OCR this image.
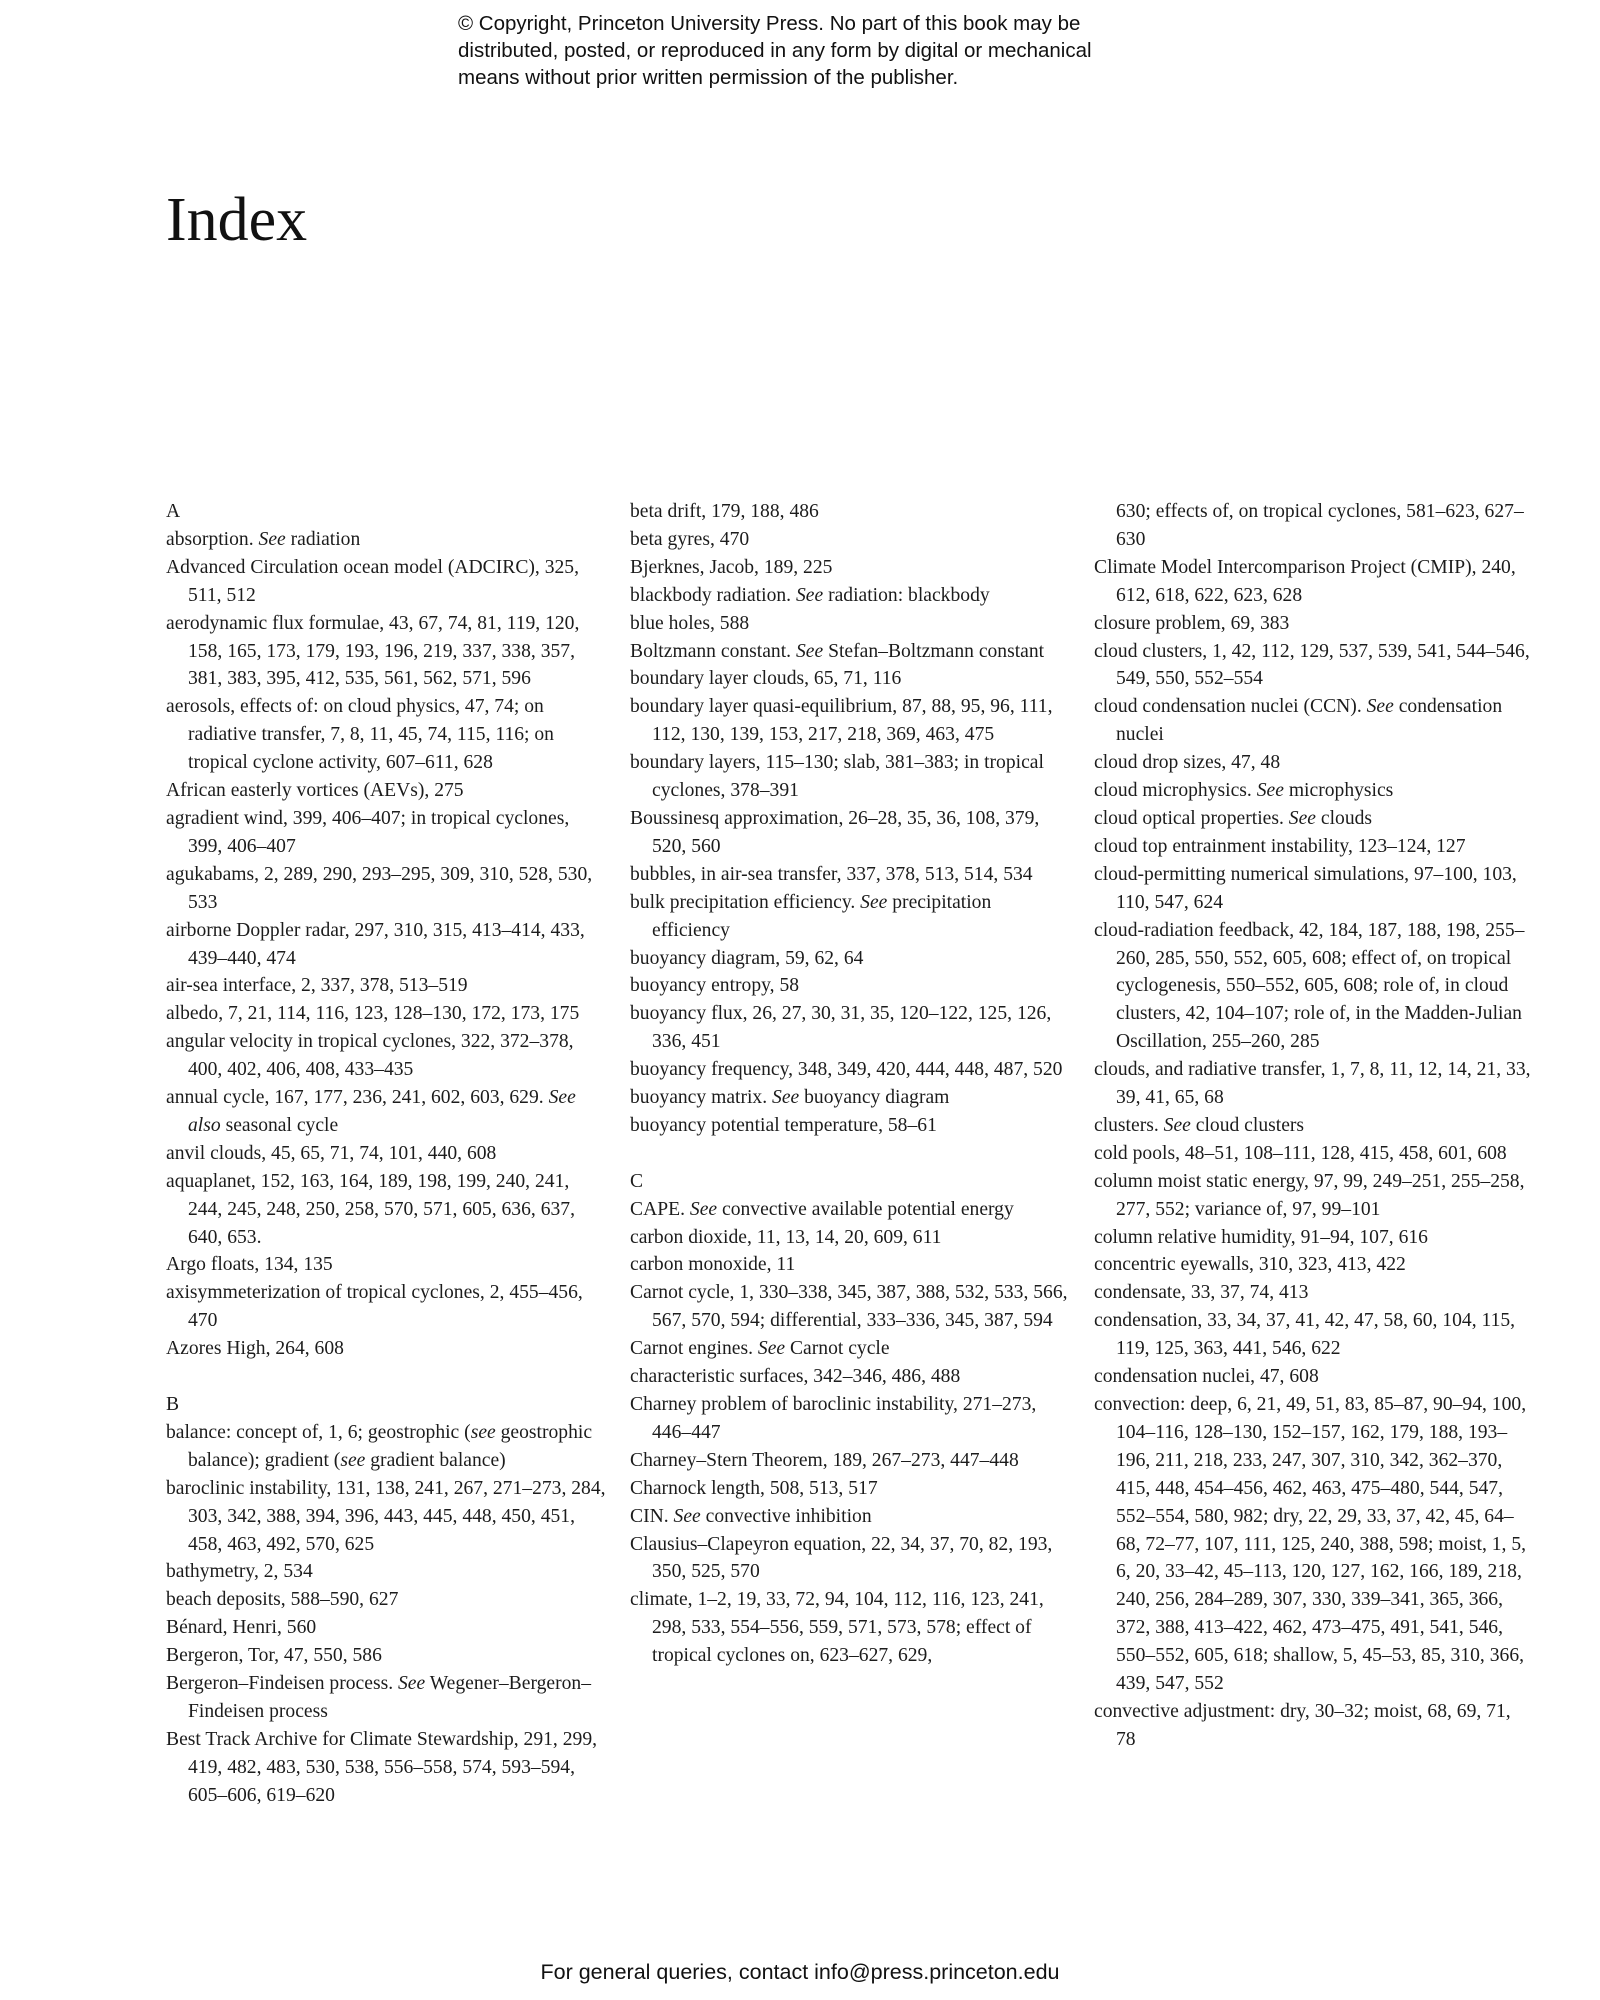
© Copyright, Princeton University Press. No part of this book may be
distributed, posted, or reproduced in any form by digital or mechanical
means without prior written permission of the publisher.
Index
A
absorption. See radiation
Advanced Circulation ocean model (ADCIRC), 325, 511, 512
aerodynamic flux formulae, 43, 67, 74, 81, 119, 120, 158, 165, 173, 179, 193, 196, 219, 337, 338, 357, 381, 383, 395, 412, 535, 561, 562, 571, 596
aerosols, effects of: on cloud physics, 47, 74; on radiative transfer, 7, 8, 11, 45, 74, 115, 116; on tropical cyclone activity, 607–611, 628
African easterly vortices (AEVs), 275
agradient wind, 399, 406–407; in tropical cyclones, 399, 406–407
agukabams, 2, 289, 290, 293–295, 309, 310, 528, 530, 533
airborne Doppler radar, 297, 310, 315, 413–414, 433, 439–440, 474
air-sea interface, 2, 337, 378, 513–519
albedo, 7, 21, 114, 116, 123, 128–130, 172, 173, 175
angular velocity in tropical cyclones, 322, 372–378, 400, 402, 406, 408, 433–435
annual cycle, 167, 177, 236, 241, 602, 603, 629. See also seasonal cycle
anvil clouds, 45, 65, 71, 74, 101, 440, 608
aquaplanet, 152, 163, 164, 189, 198, 199, 240, 241, 244, 245, 248, 250, 258, 570, 571, 605, 636, 637, 640, 653.
Argo floats, 134, 135
axisymmeterization of tropical cyclones, 2, 455–456, 470
Azores High, 264, 608
B
balance: concept of, 1, 6; geostrophic (see geostrophic balance); gradient (see gradient balance)
baroclinic instability, 131, 138, 241, 267, 271–273, 284, 303, 342, 388, 394, 396, 443, 445, 448, 450, 451, 458, 463, 492, 570, 625
bathymetry, 2, 534
beach deposits, 588–590, 627
Bénard, Henri, 560
Bergeron, Tor, 47, 550, 586
Bergeron–Findeisen process. See Wegener–Bergeron–Findeisen process
Best Track Archive for Climate Stewardship, 291, 299, 419, 482, 483, 530, 538, 556–558, 574, 593–594, 605–606, 619–620
beta drift, 179, 188, 486
beta gyres, 470
Bjerknes, Jacob, 189, 225
blackbody radiation. See radiation: blackbody
blue holes, 588
Boltzmann constant. See Stefan–Boltzmann constant
boundary layer clouds, 65, 71, 116
boundary layer quasi-equilibrium, 87, 88, 95, 96, 111, 112, 130, 139, 153, 217, 218, 369, 463, 475
boundary layers, 115–130; slab, 381–383; in tropical cyclones, 378–391
Boussinesq approximation, 26–28, 35, 36, 108, 379, 520, 560
bubbles, in air-sea transfer, 337, 378, 513, 514, 534
bulk precipitation efficiency. See precipitation efficiency
buoyancy diagram, 59, 62, 64
buoyancy entropy, 58
buoyancy flux, 26, 27, 30, 31, 35, 120–122, 125, 126, 336, 451
buoyancy frequency, 348, 349, 420, 444, 448, 487, 520
buoyancy matrix. See buoyancy diagram
buoyancy potential temperature, 58–61
C
CAPE. See convective available potential energy
carbon dioxide, 11, 13, 14, 20, 609, 611
carbon monoxide, 11
Carnot cycle, 1, 330–338, 345, 387, 388, 532, 533, 566, 567, 570, 594; differential, 333–336, 345, 387, 594
Carnot engines. See Carnot cycle
characteristic surfaces, 342–346, 486, 488
Charney problem of baroclinic instability, 271–273, 446–447
Charney–Stern Theorem, 189, 267–273, 447–448
Charnock length, 508, 513, 517
CIN. See convective inhibition
Clausius–Clapeyron equation, 22, 34, 37, 70, 82, 193, 350, 525, 570
climate, 1–2, 19, 33, 72, 94, 104, 112, 116, 123, 241, 298, 533, 554–556, 559, 571, 573, 578; effect of tropical cyclones on, 623–627, 629,
630; effects of, on tropical cyclones, 581–623, 627–630
Climate Model Intercomparison Project (CMIP), 240, 612, 618, 622, 623, 628
closure problem, 69, 383
cloud clusters, 1, 42, 112, 129, 537, 539, 541, 544–546, 549, 550, 552–554
cloud condensation nuclei (CCN). See condensation nuclei
cloud drop sizes, 47, 48
cloud microphysics. See microphysics
cloud optical properties. See clouds
cloud top entrainment instability, 123–124, 127
cloud-permitting numerical simulations, 97–100, 103, 110, 547, 624
cloud-radiation feedback, 42, 184, 187, 188, 198, 255–260, 285, 550, 552, 605, 608; effect of, on tropical cyclogenesis, 550–552, 605, 608; role of, in cloud clusters, 42, 104–107; role of, in the Madden-Julian Oscillation, 255–260, 285
clouds, and radiative transfer, 1, 7, 8, 11, 12, 14, 21, 33, 39, 41, 65, 68
clusters. See cloud clusters
cold pools, 48–51, 108–111, 128, 415, 458, 601, 608
column moist static energy, 97, 99, 249–251, 255–258, 277, 552; variance of, 97, 99–101
column relative humidity, 91–94, 107, 616
concentric eyewalls, 310, 323, 413, 422
condensate, 33, 37, 74, 413
condensation, 33, 34, 37, 41, 42, 47, 58, 60, 104, 115, 119, 125, 363, 441, 546, 622
condensation nuclei, 47, 608
convection: deep, 6, 21, 49, 51, 83, 85–87, 90–94, 100, 104–116, 128–130, 152–157, 162, 179, 188, 193–196, 211, 218, 233, 247, 307, 310, 342, 362–370, 415, 448, 454–456, 462, 463, 475–480, 544, 547, 552–554, 580, 982; dry, 22, 29, 33, 37, 42, 45, 64–68, 72–77, 107, 111, 125, 240, 388, 598; moist, 1, 5, 6, 20, 33–42, 45–113, 120, 127, 162, 166, 189, 218, 240, 256, 284–289, 307, 330, 339–341, 365, 366, 372, 388, 413–422, 462, 473–475, 491, 541, 546, 550–552, 605, 618; shallow, 5, 45–53, 85, 310, 366, 439, 547, 552
convective adjustment: dry, 30–32; moist, 68, 69, 71, 78
For general queries, contact info@press.princeton.edu
